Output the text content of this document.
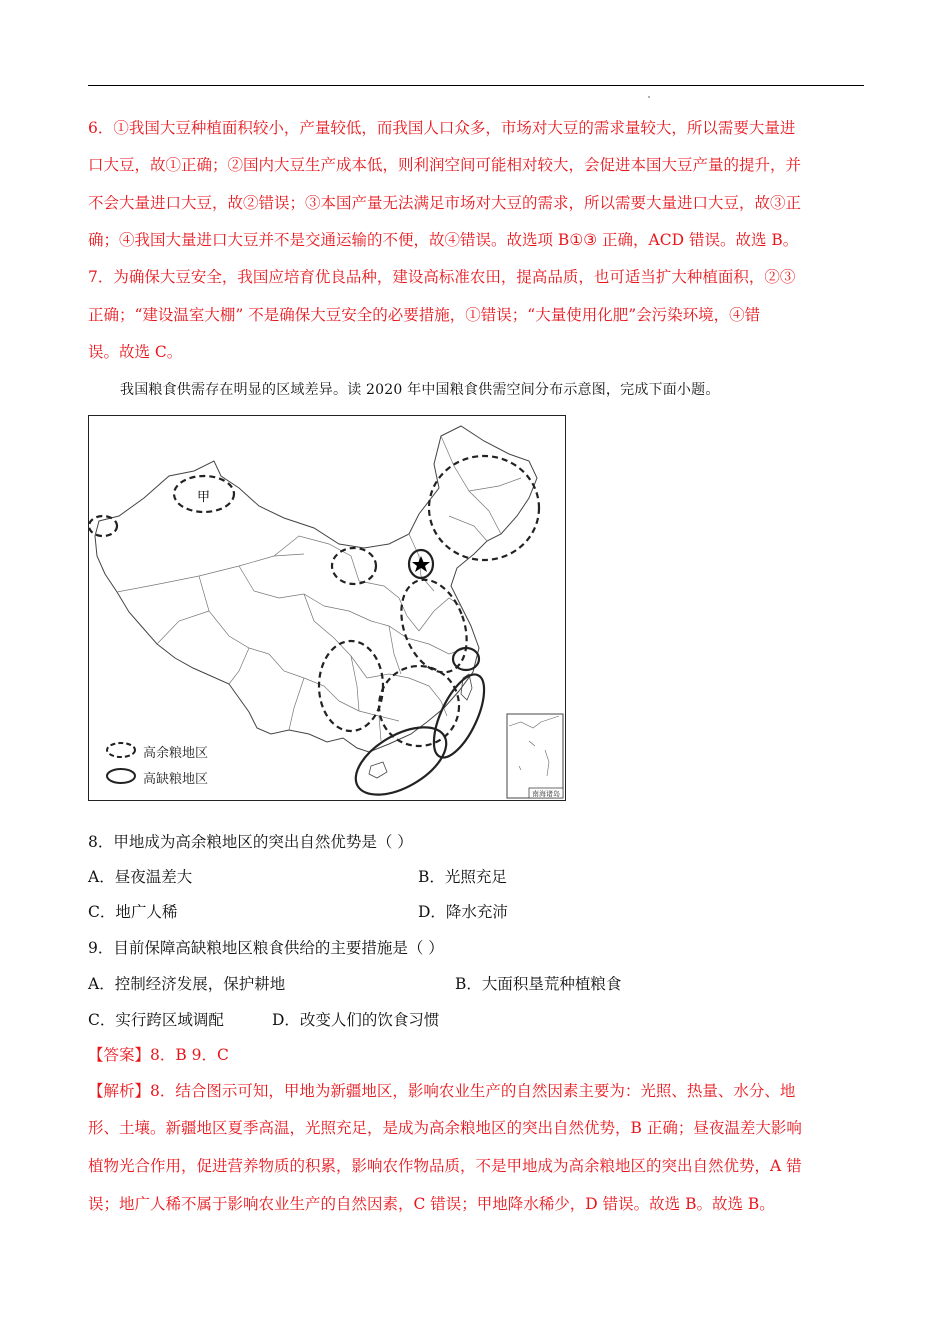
6．①我国大豆种植面积较小，产量较低，而我国人口众多，市场对大豆的需求量较大，所以需要大量进
口大豆，故①正确；②国内大豆生产成本低，则利润空间可能相对较大，会促进本国大豆产量的提升，并
不会大量进口大豆，故②错误；③本国产量无法满足市场对大豆的需求，所以需要大量进口大豆，故③正
确；④我国大量进口大豆并不是交通运输的不便，故④错误。故选项 B①③ 正确，ACD 错误。故选 B。
7．为确保大豆安全，我国应培育优良品种，建设高标准农田，提高品质，也可适当扩大种植面积，②③
正确；“建设温室大棚” 不是确保大豆安全的必要措施，①错误；“大量使用化肥”会污染环境，④错
误。故选 C。
我国粮食供需存在明显的区域差异。读 2020 年中国粮食供需空间分布示意图，完成下面小题。
甲
高余粮地区
高缺粮地区
南海诸岛
8．甲地成为高余粮地区的突出自然优势是（ ）
A．昼夜温差大	B．光照充足
C．地广人稀	D．降水充沛
9．目前保障高缺粮地区粮食供给的主要措施是（ ）
A．控制经济发展，保护耕地	B．大面积垦荒种植粮食
C．实行跨区域调配	D．改变人们的饮食习惯
【答案】8．B 9．C
【解析】8．结合图示可知，甲地为新疆地区，影响农业生产的自然因素主要为：光照、热量、水分、地
形、土壤。新疆地区夏季高温，光照充足，是成为高余粮地区的突出自然优势，B 正确；昼夜温差大影响
植物光合作用，促进营养物质的积累，影响农作物品质，不是甲地成为高余粮地区的突出自然优势，A 错
误；地广人稀不属于影响农业生产的自然因素，C 错误；甲地降水稀少，D 错误。故选 B。故选 B。
